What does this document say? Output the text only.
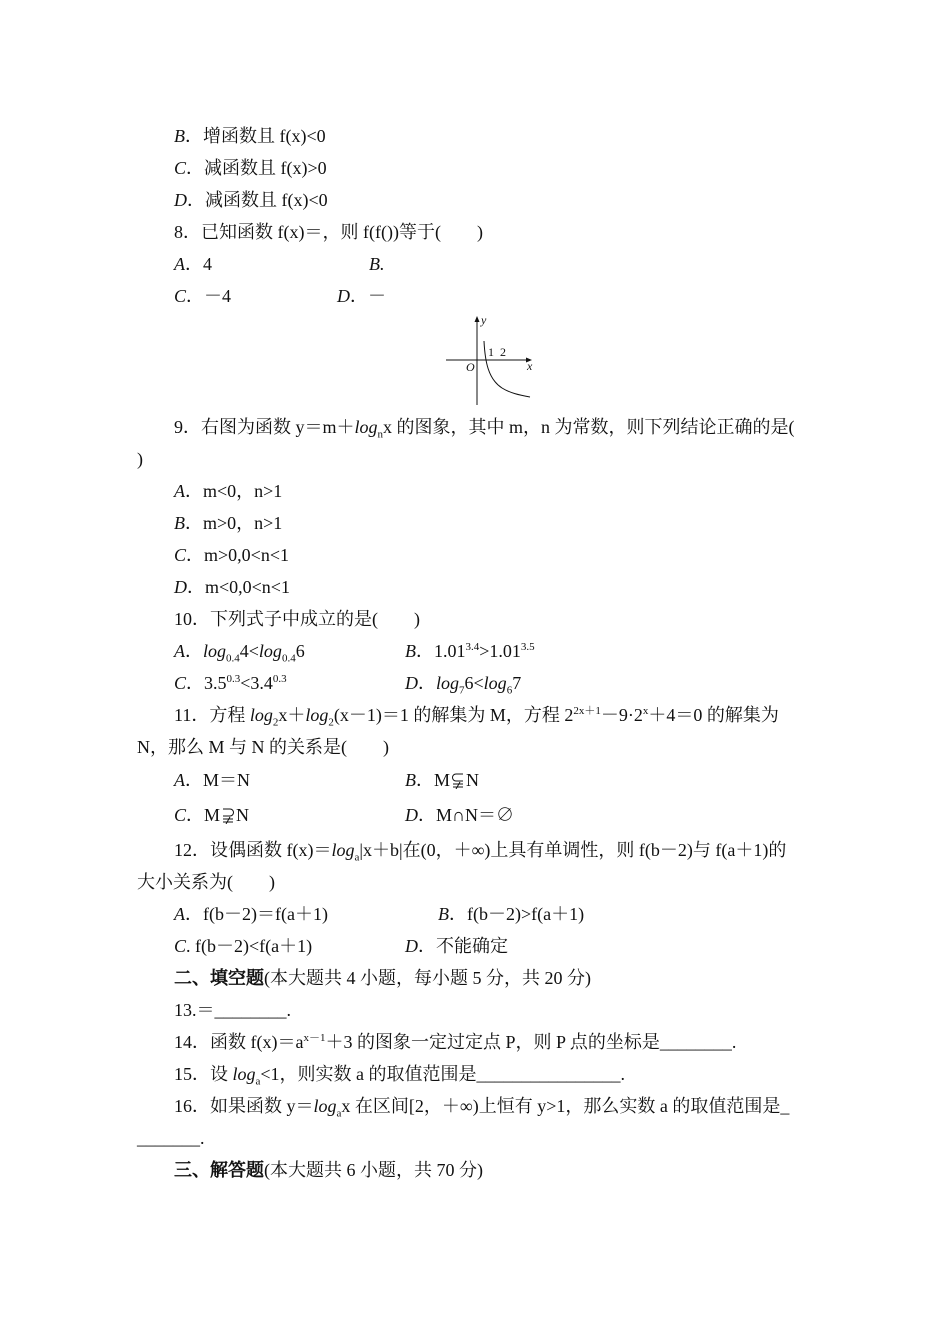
B．增函数且 f(x)<0
C．减函数且 f(x)>0
D．减函数且 f(x)<0
8．已知函数 f(x)＝，则 f(f())等于(　　)
A．4	B.
C．－4	D．－
y
x
O
1 2
9．右图为函数 $y=m+\log_nx$ 的图象，其中 m，n 为常数，则下列结论正确的是(
)
A．m<0，n>1
B．m>0，n>1
C．m>0,0<n<1
D．m<0,0<n<1
10．下列式子中成立的是(　　)
A．$\log_{0.4}4<\log_{0.4}6$	B．$1.01^{3.4}>1.01^{3.5}$
C．$3.5^{0.3}<3.4^{0.3}$	D．$\log_76<\log_67$
11．方程 $\log_2x+\log_2(x-1)=1$ 的解集为 M，方程 $2^{2x+1}-9\cdot 2^x+4=0$ 的解集为
N，那么 M 与 N 的关系是(　　)
A．M＝N	B．M N
C．M N	D．M∩N＝∅
12．设偶函数 $f(x)=\log_a|x+b|$在(0，＋∞)上具有单调性，则 f(b－2)与 f(a＋1)的
大小关系为(　　)
A．f(b－2)＝f(a＋1)	B．f(b－2)>f(a＋1)
C. f(b－2)<f(a＋1)	D．不能确定
二、填空题(本大题共 4 小题，每小题 5 分，共 20 分)
13.＝________.
14．函数 $f(x)=a^{x-1}+3$ 的图象一定过定点 P，则 P 点的坐标是________.
15．设 $\log_a<1$，则实数 a 的取值范围是________________.
16．如果函数 $y=\log_ax$ 在区间[2，＋∞)上恒有 y>1，那么实数 a 的取值范围是_
_______.
三、解答题(本大题共 6 小题，共 70 分)
